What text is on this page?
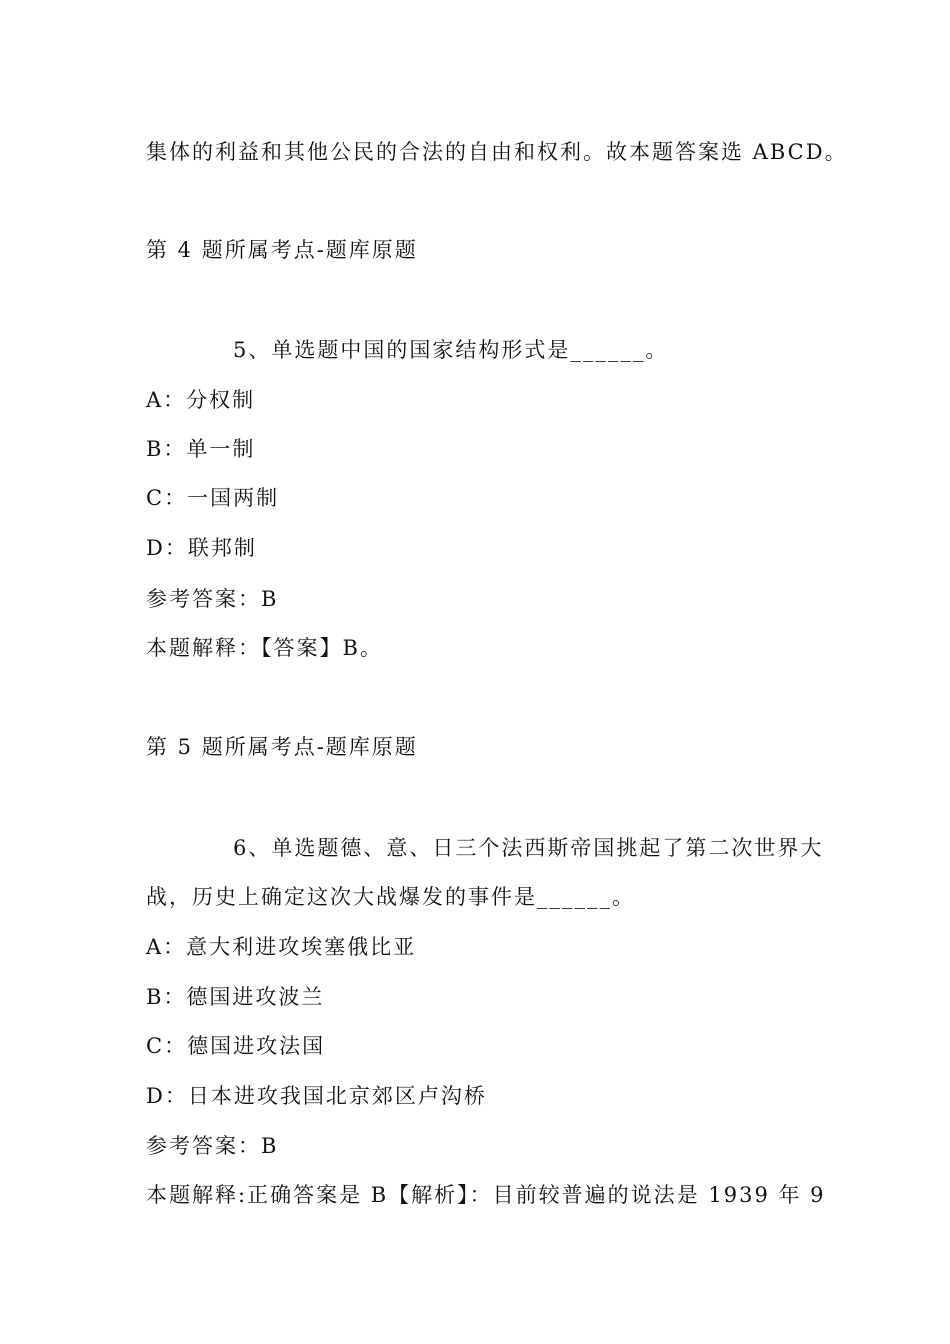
集体的利益和其他公民的合法的自由和权利。故本题答案选 ABCD。
第 4 题所属考点-题库原题
5、单选题中国的国家结构形式是______。
A：分权制
B：单一制
C：一国两制
D：联邦制
参考答案：B
本题解释：【答案】B。
第 5 题所属考点-题库原题
6、单选题德、意、日三个法西斯帝国挑起了第二次世界大
战，历史上确定这次大战爆发的事件是______。
A：意大利进攻埃塞俄比亚
B：德国进攻波兰
C：德国进攻法国
D：日本进攻我国北京郊区卢沟桥
参考答案：B
本题解释:正确答案是 B【解析】：目前较普遍的说法是 1939 年 9
